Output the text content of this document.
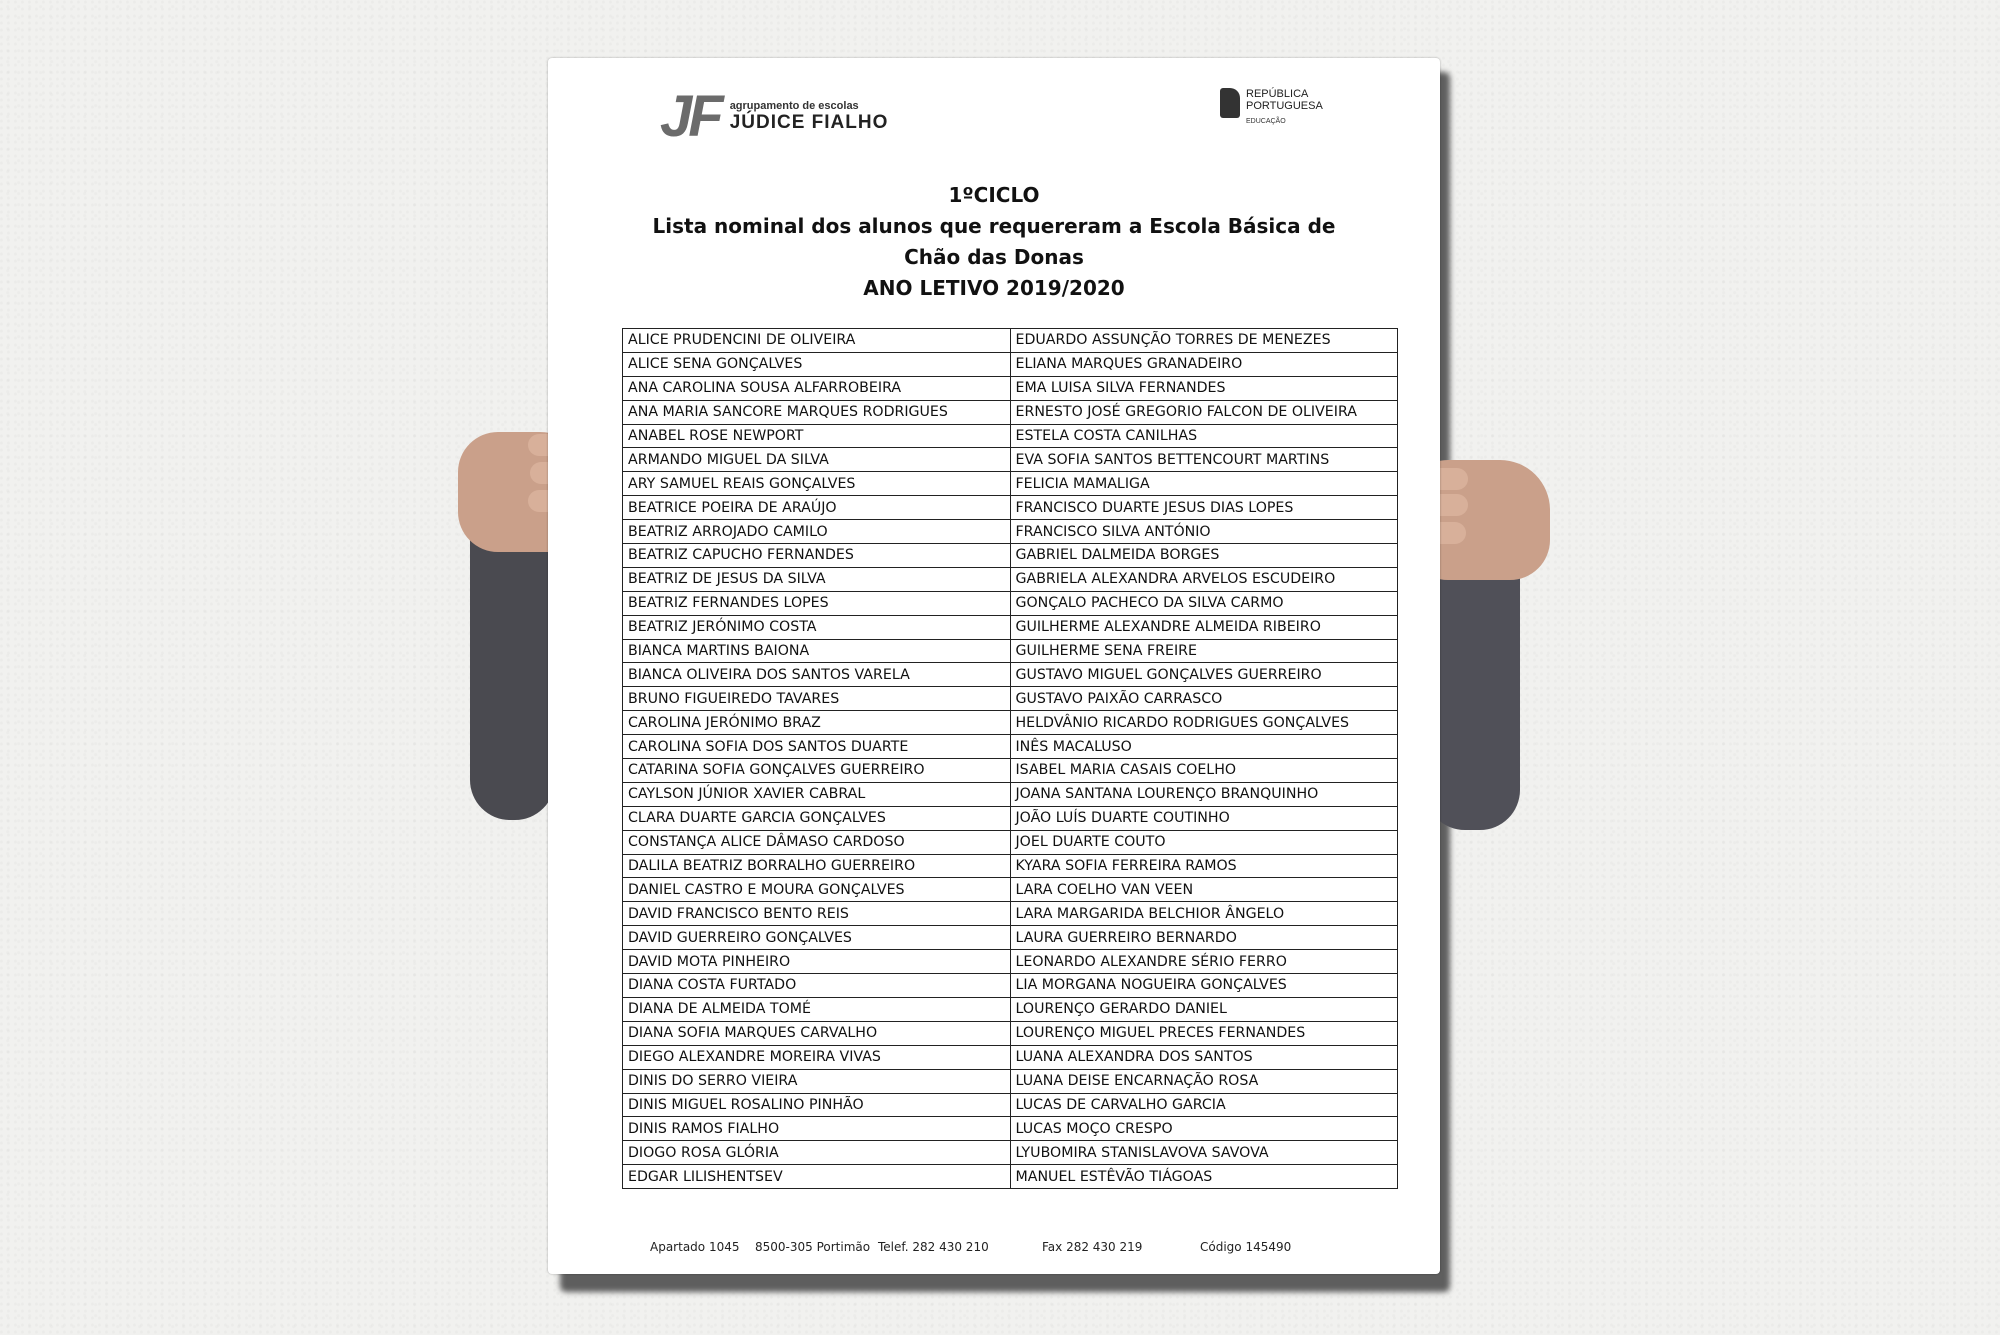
JF agrupamento de escolas
JÚDICE FIALHO
REPÚBLICA
PORTUGUESA
EDUCAÇÃO
1ºCICLO
Lista nominal dos alunos que requereram a Escola Básica de
Chão das Donas
ANO LETIVO 2019/2020
ALICE PRUDENCINI DE OLIVEIRA	EDUARDO ASSUNÇÃO TORRES DE MENEZES
ALICE SENA GONÇALVES	ELIANA MARQUES GRANADEIRO
ANA CAROLINA SOUSA ALFARROBEIRA	EMA LUISA SILVA FERNANDES
ANA MARIA SANCORE MARQUES RODRIGUES	ERNESTO JOSÉ GREGORIO FALCON DE OLIVEIRA
ANABEL ROSE NEWPORT	ESTELA COSTA CANILHAS
ARMANDO MIGUEL DA SILVA	EVA SOFIA SANTOS BETTENCOURT MARTINS
ARY SAMUEL REAIS GONÇALVES	FELICIA MAMALIGA
BEATRICE POEIRA DE ARAÚJO	FRANCISCO DUARTE JESUS DIAS LOPES
BEATRIZ ARROJADO CAMILO	FRANCISCO SILVA ANTÓNIO
BEATRIZ CAPUCHO FERNANDES	GABRIEL DALMEIDA BORGES
BEATRIZ DE JESUS DA SILVA	GABRIELA ALEXANDRA ARVELOS ESCUDEIRO
BEATRIZ FERNANDES LOPES	GONÇALO PACHECO DA SILVA CARMO
BEATRIZ JERÓNIMO COSTA	GUILHERME ALEXANDRE ALMEIDA RIBEIRO
BIANCA MARTINS BAIONA	GUILHERME SENA FREIRE
BIANCA OLIVEIRA DOS SANTOS VARELA	GUSTAVO MIGUEL GONÇALVES GUERREIRO
BRUNO FIGUEIREDO TAVARES	GUSTAVO PAIXÃO CARRASCO
CAROLINA JERÓNIMO BRAZ	HELDVÂNIO RICARDO RODRIGUES GONÇALVES
CAROLINA SOFIA DOS SANTOS DUARTE	INÊS MACALUSO
CATARINA SOFIA GONÇALVES GUERREIRO	ISABEL MARIA CASAIS COELHO
CAYLSON JÚNIOR XAVIER CABRAL	JOANA SANTANA LOURENÇO BRANQUINHO
CLARA DUARTE GARCIA GONÇALVES	JOÃO LUÍS DUARTE COUTINHO
CONSTANÇA ALICE DÂMASO CARDOSO	JOEL DUARTE COUTO
DALILA BEATRIZ BORRALHO GUERREIRO	KYARA SOFIA FERREIRA RAMOS
DANIEL CASTRO E MOURA GONÇALVES	LARA COELHO VAN VEEN
DAVID FRANCISCO BENTO REIS	LARA MARGARIDA BELCHIOR ÂNGELO
DAVID GUERREIRO GONÇALVES	LAURA GUERREIRO BERNARDO
DAVID MOTA PINHEIRO	LEONARDO ALEXANDRE SÉRIO FERRO
DIANA COSTA FURTADO	LIA MORGANA NOGUEIRA GONÇALVES
DIANA DE ALMEIDA TOMÉ	LOURENÇO GERARDO DANIEL
DIANA SOFIA MARQUES CARVALHO	LOURENÇO MIGUEL PRECES FERNANDES
DIEGO ALEXANDRE MOREIRA VIVAS	LUANA ALEXANDRA DOS SANTOS
DINIS DO SERRO VIEIRA	LUANA DEISE ENCARNAÇÃO ROSA
DINIS MIGUEL ROSALINO PINHÃO	LUCAS DE CARVALHO GARCIA
DINIS RAMOS FIALHO	LUCAS MOÇO CRESPO
DIOGO ROSA GLÓRIA	LYUBOMIRA STANISLAVOVA SAVOVA
EDGAR LILISHENTSEV	MANUEL ESTÊVÃO TIÁGOAS
Apartado 1045 8500-305 Portimão Telef. 282 430 210	Fax 282 430 219	Código 145490
